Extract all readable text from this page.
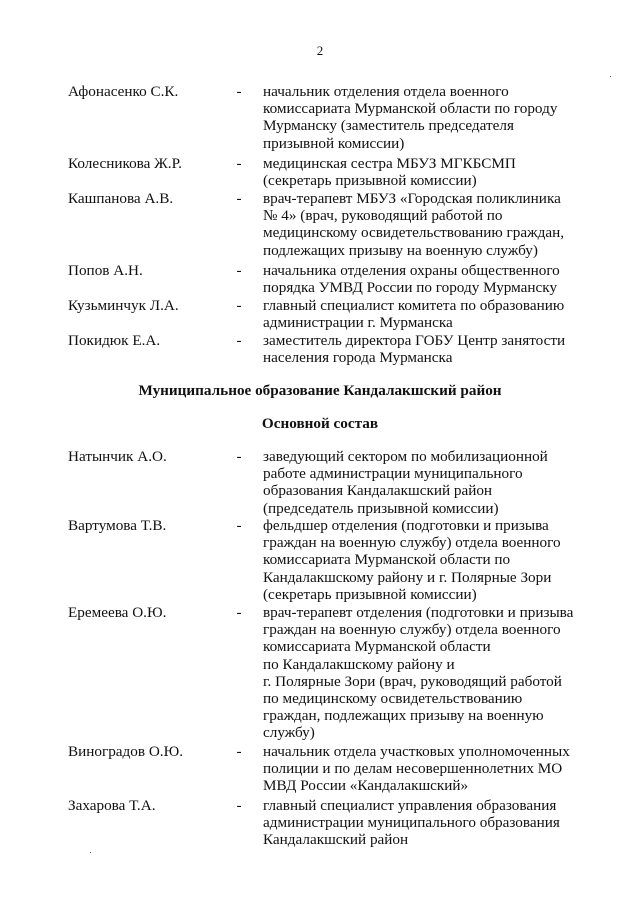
2
Афонасенко С.К.	- начальник отделения отдела военного
комиссариата Мурманской области по городу
Мурманску (заместитель председателя
призывной комиссии)
Колесникова Ж.Р.	- медицинская сестра МБУЗ МГКБСМП
(секретарь призывной комиссии)
Кашпанова А.В.	- врач-терапевт МБУЗ «Городская поликлиника
№ 4» (врач, руководящий работой по
медицинскому освидетельствованию граждан,
подлежащих призыву на военную службу)
Попов А.Н.	- начальника отделения охраны общественного
порядка УМВД России по городу Мурманску
Кузьминчук Л.А.	- главный специалист комитета по образованию
администрации г. Мурманска
Покидюк Е.А.	- заместитель директора ГОБУ Центр занятости
населения города Мурманска
Муниципальное образование Кандалакшский район
Основной состав
Натынчик А.О.	- заведующий сектором по мобилизационной
работе администрации муниципального
образования Кандалакшский район
(председатель призывной комиссии)
Вартумова Т.В.	- фельдшер отделения (подготовки и призыва
граждан на военную службу) отдела военного
комиссариата Мурманской области по
Кандалакшскому району и г. Полярные Зори
(секретарь призывной комиссии)
Еремеева О.Ю.	- врач-терапевт отделения (подготовки и призыва
граждан на военную службу) отдела военного
комиссариата Мурманской области
по Кандалакшскому району и
г. Полярные Зори (врач, руководящий работой
по медицинскому освидетельствованию
граждан, подлежащих призыву на военную
службу)
Виноградов О.Ю.	- начальник отдела участковых уполномоченных
полиции и по делам несовершеннолетних МО
МВД России «Кандалакшский»
Захарова Т.А.	- главный специалист управления образования
администрации муниципального образования
Кандалакшский район
